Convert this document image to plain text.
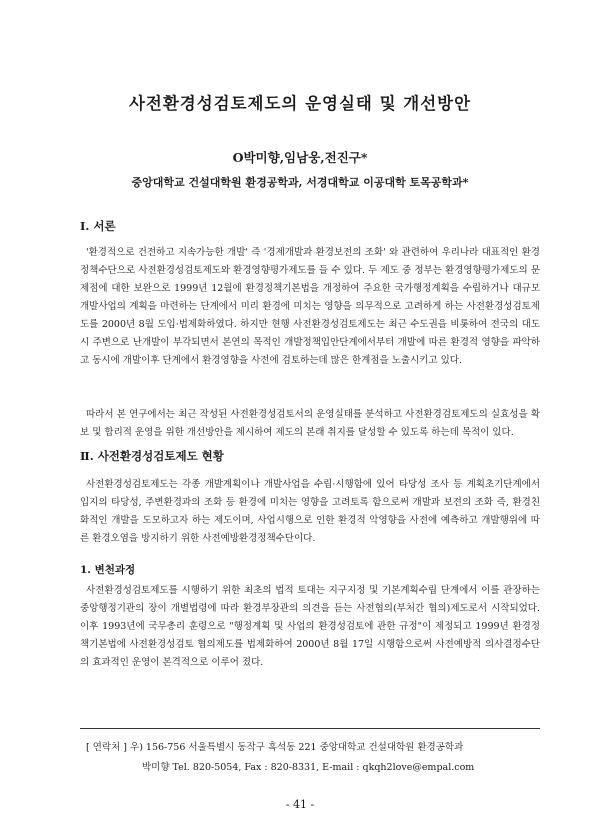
사전환경성검토제도의 운영실태 및 개선방안
O박미향,임남웅,전진구*
중앙대학교 건설대학원 환경공학과, 서경대학교 이공대학 토목공학과*
Ⅰ. 서론

'환경적으로 건전하고 지속가능한 개발' 즉 '경제개발과 환경보전의 조화' 와 관련하여 우리나라 대표적인 환경정책수단으로 사전환경성검토제도와 환경영향평가제도를 들 수 있다. 두 제도 중 정부는 환경영향평가제도의 문제점에 대한 보완으로 1999년 12월에 환경정책기본법을 개정하여 주요한 국가행정계획을 수립하거나 대규모 개발사업의 계획을 마련하는 단계에서 미리 환경에 미치는 영향을 의무적으로 고려하게 하는 사전환경성검토제도를 2000년 8월 도입·법제화하였다. 하지만 현행 사전환경성검토제도는 최근 수도권을 비롯하여 전국의 대도시 주변으로 난개발이 부각되면서 본연의 목적인 개발정책입안단계에서부터 개발에 따른 환경적 영향을 파악하고 동시에 개발이후 단계에서 환경영향을 사전에 검토하는데 많은 한계점을 노출시키고 있다.

따라서 본 연구에서는 최근 작성된 사전환경성검토서의 운영실태를 분석하고 사전환경검토제도의 실효성을 확보 및 합리적 운영을 위한 개선방안을 제시하여 제도의 본래 취지를 달성할 수 있도록 하는데 목적이 있다.

Ⅱ. 사전환경성검토제도 현황

사전환경성검토제도는 각종 개발계획이나 개발사업을 수립·시행함에 있어 타당성 조사 등 계획초기단계에서 입지의 타당성, 주변환경과의 조화 등 환경에 미치는 영향을 고려토록 함으로써 개발과 보전의 조화 즉, 환경친화적인 개발을 도모하고자 하는 제도이며, 사업시행으로 인한 환경적 악영향을 사전에 예측하고 개발행위에 따른 환경오염을 방지하기 위한 사전예방환경정책수단이다.

1. 변천과정

사전환경성검토제도를 시행하기 위한 최초의 법적 토대는 지구지정 및 기본계획수립 단계에서 이를 관장하는 중앙행정기관의 장이 개별법령에 따라 환경부장관의 의견을 듣는 사전협의(부처간 협의)제도로서 시작되었다. 이후 1993년에 국무총리 훈령으로 "행정계획 및 사업의 환경성검토에 관한 규정"이 제정되고 1999년 환경정책기본법에 사전환경성검토 협의제도를 법제화하여 2000년 8월 17일 시행함으로써 사전예방적 의사결정수단의 효과적인 운영이 본격적으로 이루어 졌다.

[ 연락처 ] 우) 156-756 서울특별시 동작구 흑석동 221 중앙대학교 건설대학원 환경공학과
박미향 Tel. 820-5054, Fax : 820-8331, E-mail : qkqh2love@empal.com
- 41 -
